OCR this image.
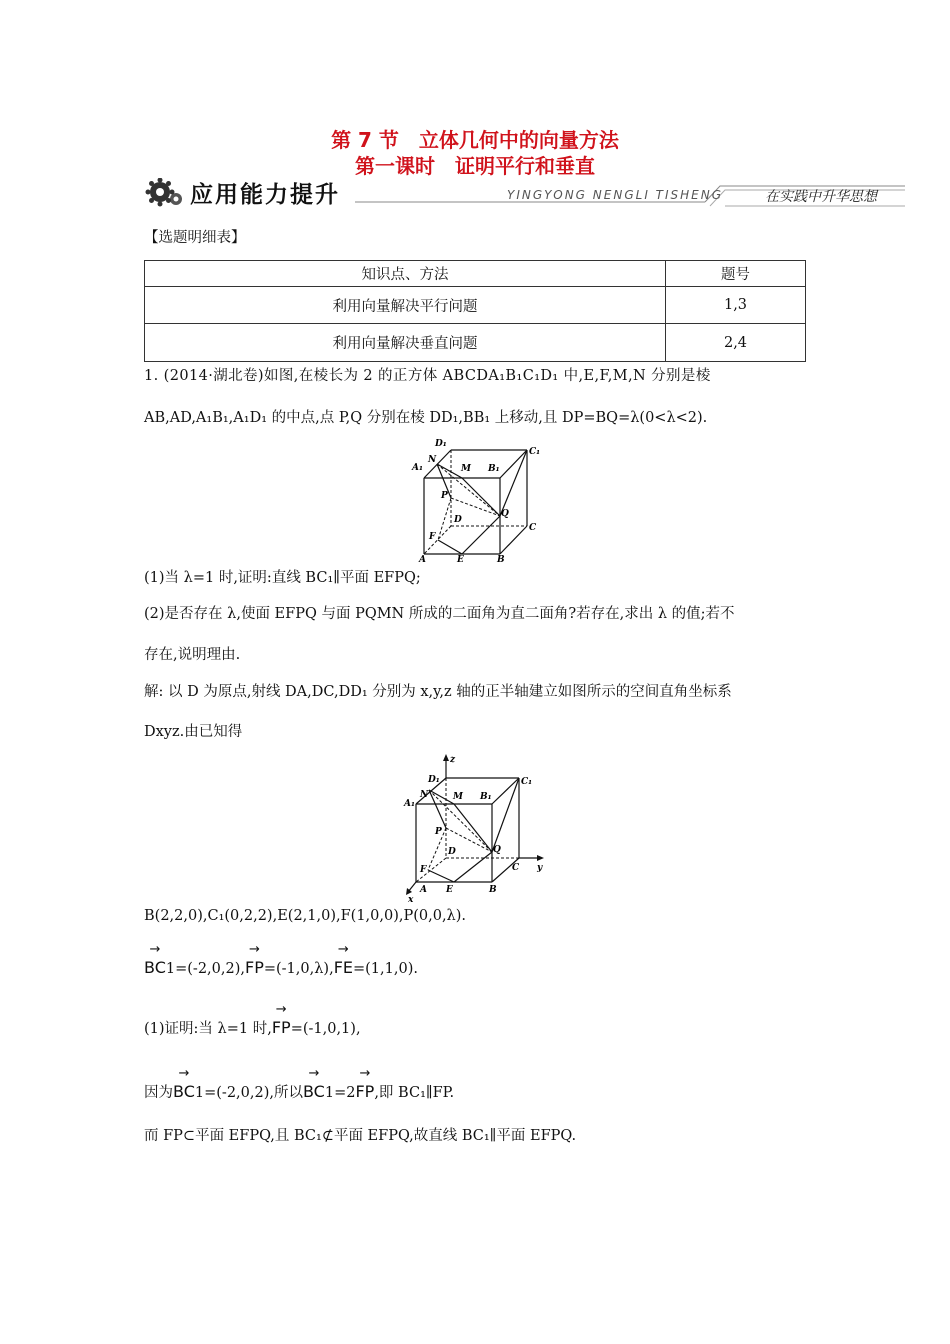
第 7 节　立体几何中的向量方法
第一课时　证明平行和垂直
应用能力提升	YINGYONG NENGLI TISHENG	在实践中升华思想
【选题明细表】
知识点、方法	题号
利用向量解决平行问题	1,3
利用向量解决垂直问题	2,4
1. (2014·湖北卷)如图,在棱长为 2 的正方体 ABCDA₁B₁C₁D₁ 中,E,F,M,N 分别是棱
AB,AD,A₁B₁,A₁D₁ 的中点,点 P,Q 分别在棱 DD₁,BB₁ 上移动,且 DP=BQ=λ(0<λ<2).
D₁
C₁
A₁
N
M B₁
P
D
Q
C
F
A	E	B
(1)当 λ=1 时,证明:直线 BC₁∥平面 EFPQ;
(2)是否存在 λ,使面 EFPQ 与面 PQMN 所成的二面角为直二面角?若存在,求出 λ 的值;若不
存在,说明理由.
解: 以 D 为原点,射线 DA,DC,DD₁ 分别为 x,y,z 轴的正半轴建立如图所示的空间直角坐标系
Dxyz.由已知得
z
y
x
D₁	C₁
A₁
N	M B₁
P
D	Q
C
F
A E	B
B(2,2,0),C₁(0,2,2),E(2,1,0),F(1,0,0),P(0,0,λ).
→
BC1=(-2,0,2),
→
FP=(-1,0,λ),
→
FE=(1,1,0).
(1)证明:当 λ=1 时,
→
FP=(-1,0,1),
因为
→
BC1=(-2,0,2),所以
→
BC1=2
→
FP,即 BC₁∥FP.
而 FP⊂平面 EFPQ,且 BC₁⊄平面 EFPQ,故直线 BC₁∥平面 EFPQ.
